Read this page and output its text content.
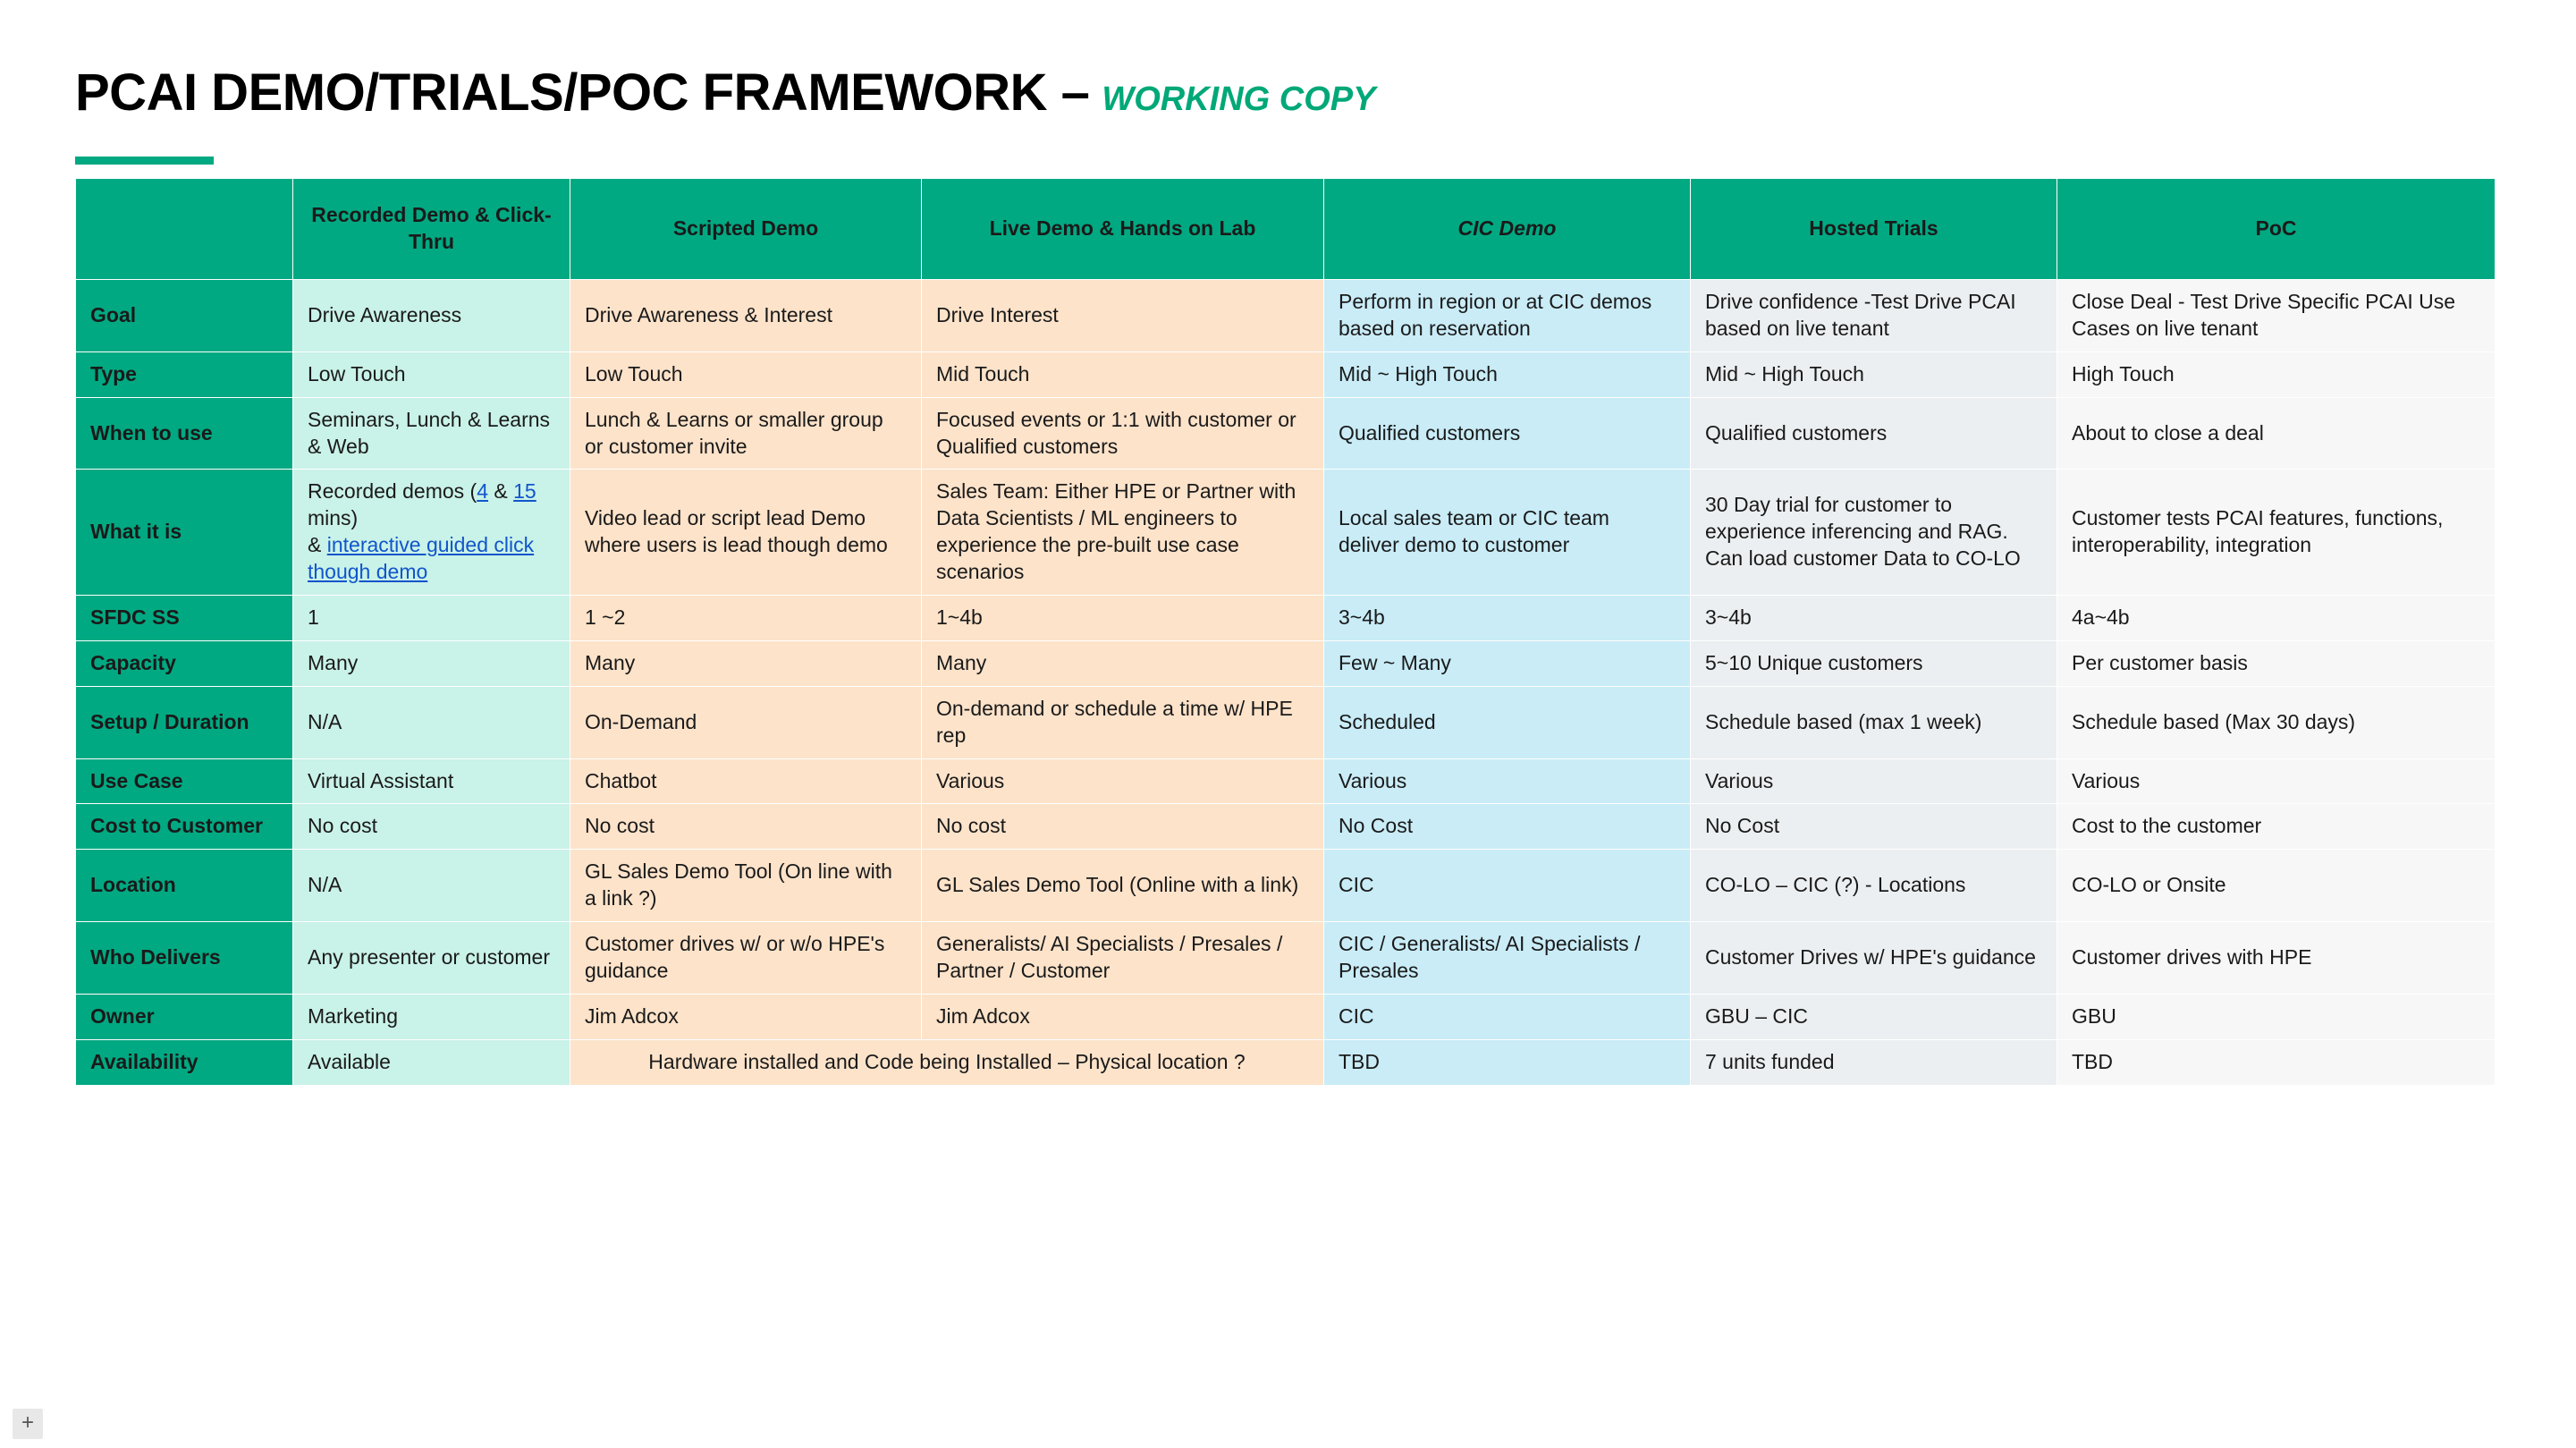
PCAI DEMO/TRIALS/POC FRAMEWORK – WORKING COPY
	Recorded Demo & Click-Thru	Scripted Demo	Live Demo & Hands on Lab	CIC Demo	Hosted Trials	PoC
Goal	Drive Awareness	Drive Awareness & Interest	Drive Interest	Perform in region or at CIC demos based on reservation	Drive confidence -Test Drive PCAI based on live tenant	Close Deal - Test Drive Specific PCAI Use Cases on live tenant
Type	Low Touch	Low Touch	Mid Touch	Mid ~ High Touch	Mid ~ High Touch	High Touch
When to use	Seminars, Lunch & Learns & Web	Lunch & Learns or smaller group or customer invite	Focused events or 1:1 with customer or Qualified customers	Qualified customers	Qualified customers	About to close a deal
What it is	Recorded demos (4 & 15 mins)
& interactive guided click though demo	Video lead or script lead Demo where users is lead though demo	Sales Team: Either HPE or Partner with Data Scientists / ML engineers to experience the pre-built use case scenarios	Local sales team or CIC team deliver demo to customer	30 Day trial for customer to experience inferencing and RAG. Can load customer Data to CO-LO	Customer tests PCAI features, functions, interoperability, integration
SFDC SS	1	1 ~2	1~4b	3~4b	3~4b	4a~4b
Capacity	Many	Many	Many	Few ~ Many	5~10 Unique customers	Per customer basis
Setup / Duration	N/A	On-Demand	On-demand or schedule a time w/ HPE rep	Scheduled	Schedule based (max 1 week)	Schedule based (Max 30 days)
Use Case	Virtual Assistant	Chatbot	Various	Various	Various	Various
Cost to Customer	No cost	No cost	No cost	No Cost	No Cost	Cost to the customer
Location	N/A	GL Sales Demo Tool (On line with a link ?)	GL Sales Demo Tool (Online with a link)	CIC	CO-LO – CIC (?) - Locations	CO-LO or Onsite
Who Delivers	Any presenter or customer	Customer drives w/ or w/o HPE's guidance	Generalists/ AI Specialists / Presales / Partner / Customer	CIC / Generalists/ AI Specialists / Presales	Customer Drives w/ HPE's guidance	Customer drives with HPE
Owner	Marketing	Jim Adcox	Jim Adcox	CIC	GBU – CIC	GBU
Availability	Available	Hardware installed and Code being Installed – Physical location ?		TBD	7 units funded	TBD
+
